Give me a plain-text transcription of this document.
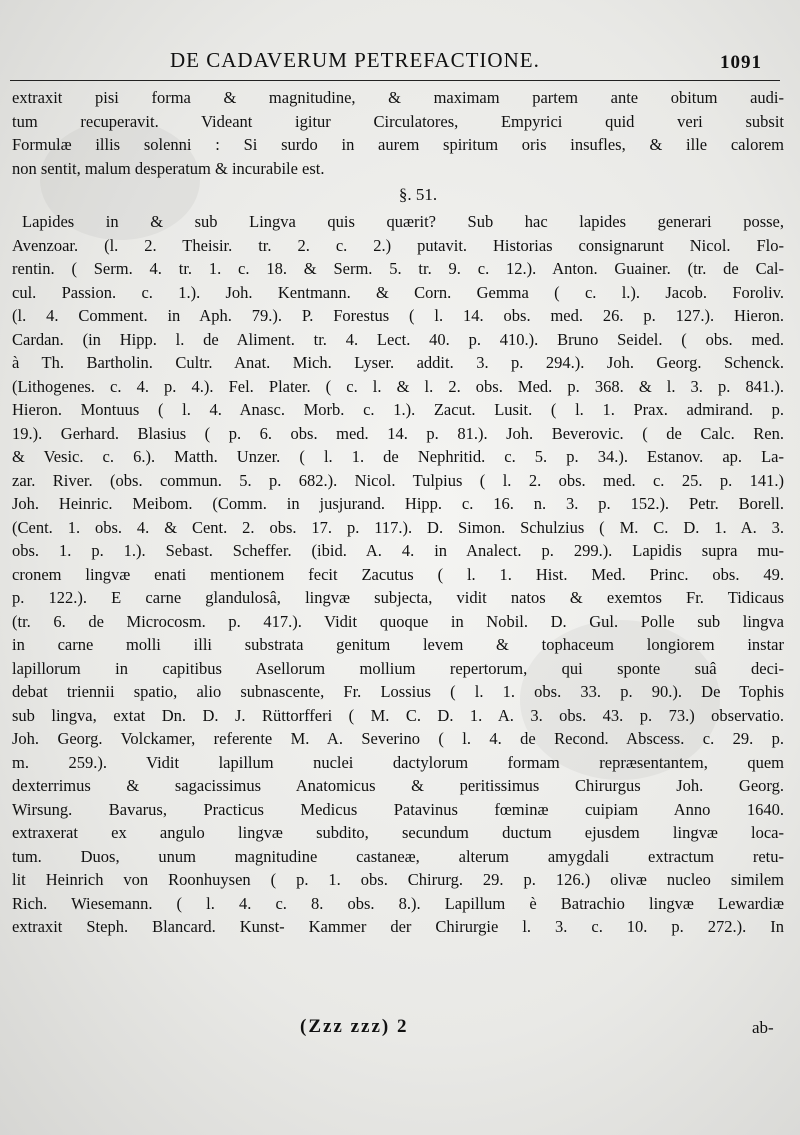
DE CADAVERUM PETREFACTIONE.	1091
extraxit pisi forma & magnitudine, & maximam partem ante obitum audi-
tum recuperavit. Videant igitur Circulatores, Empyrici quid veri subsit
Formulæ illis solenni : Si surdo in aurem spiritum oris insufles, & ille calorem
non sentit, malum desperatum & incurabile est.
§. 51.
Lapides in & sub Lingva quis quærit? Sub hac lapides generari posse,
Avenzoar. (l. 2. Theisir. tr. 2. c. 2.) putavit. Historias consignarunt Nicol. Flo-
rentin. ( Serm. 4. tr. 1. c. 18. & Serm. 5. tr. 9. c. 12.). Anton. Guainer. (tr. de Cal-
cul. Passion. c. 1.). Joh. Kentmann. & Corn. Gemma ( c. l.). Jacob. Foroliv.
(l. 4. Comment. in Aph. 79.). P. Forestus ( l. 14. obs. med. 26. p. 127.). Hieron.
Cardan. (in Hipp. l. de Aliment. tr. 4. Lect. 40. p. 410.). Bruno Seidel. ( obs. med.
à Th. Bartholin. Cultr. Anat. Mich. Lyser. addit. 3. p. 294.). Joh. Georg. Schenck.
(Lithogenes. c. 4. p. 4.). Fel. Plater. ( c. l. & l. 2. obs. Med. p. 368. & l. 3. p. 841.).
Hieron. Montuus ( l. 4. Anasc. Morb. c. 1.). Zacut. Lusit. ( l. 1. Prax. admirand. p.
19.). Gerhard. Blasius ( p. 6. obs. med. 14. p. 81.). Joh. Beverovic. ( de Calc. Ren.
& Vesic. c. 6.). Matth. Unzer. ( l. 1. de Nephritid. c. 5. p. 34.). Estanov. ap. La-
zar. River. (obs. commun. 5. p. 682.). Nicol. Tulpius ( l. 2. obs. med. c. 25. p. 141.)
Joh. Heinric. Meibom. (Comm. in jusjurand. Hipp. c. 16. n. 3. p. 152.). Petr. Borell.
(Cent. 1. obs. 4. & Cent. 2. obs. 17. p. 117.). D. Simon. Schulzius ( M. C. D. 1. A. 3.
obs. 1. p. 1.). Sebast. Scheffer. (ibid. A. 4. in Analect. p. 299.). Lapidis supra mu-
cronem lingvæ enati mentionem fecit Zacutus ( l. 1. Hist. Med. Princ. obs. 49.
p. 122.). E carne glandulosâ, lingvæ subjecta, vidit natos & exemtos Fr. Tidicaus
(tr. 6. de Microcosm. p. 417.). Vidit quoque in Nobil. D. Gul. Polle sub lingva
in carne molli illi substrata genitum levem & tophaceum longiorem instar
lapillorum in capitibus Asellorum mollium repertorum, qui sponte suâ deci-
debat triennii spatio, alio subnascente, Fr. Lossius ( l. 1. obs. 33. p. 90.). De Tophis
sub lingva, extat Dn. D. J. Rüttorfferi ( M. C. D. 1. A. 3. obs. 43. p. 73.) observatio.
Joh. Georg. Volckamer, referente M. A. Severino ( l. 4. de Recond. Abscess. c. 29. p.
m. 259.). Vidit lapillum nuclei dactylorum formam repræsentantem, quem
dexterrimus & sagacissimus Anatomicus & peritissimus Chirurgus Joh. Georg.
Wirsung. Bavarus, Practicus Medicus Patavinus fœminæ cuipiam Anno 1640.
extraxerat ex angulo lingvæ subdito, secundum ductum ejusdem lingvæ loca-
tum. Duos, unum magnitudine castaneæ, alterum amygdali extractum retu-
lit Heinrich von Roonhuysen ( p. 1. obs. Chirurg. 29. p. 126.) olivæ nucleo similem
Rich. Wiesemann. ( l. 4. c. 8. obs. 8.). Lapillum è Batrachio lingvæ Lewardiæ
extraxit Steph. Blancard. Kunst- Kammer der Chirurgie l. 3. c. 10. p. 272.). In
(Zzz zzz) 2	ab-
